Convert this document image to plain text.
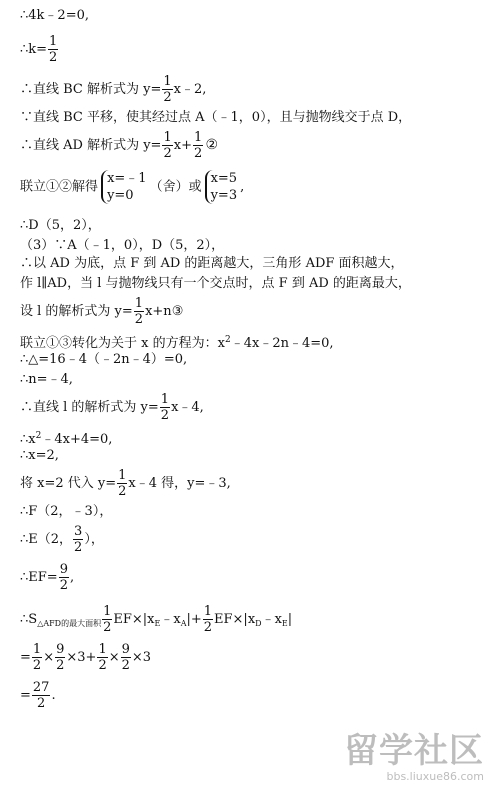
∴4k﹣2=0,
∴k= $\frac{1}{2}$
∴直线 BC 解析式为 $y= \frac{1}{2}$ x﹣2,
∵直线 BC 平移，使其经过点 A（﹣1，0），且与抛物线交于点 D，
∴直线 AD 解析式为 $y= \frac{1}{2} x+ \frac{1}{2}$ ②
联立①②解得
x=﹣1
y=0
（舍）或
x=5
y=3
,
∴D（5，2），
（3）∵A（﹣1，0），D（5，2），
∴以 AD 为底，点 F 到 AD 的距离越大，三角形 ADF 面积越大，
作 l∥AD，当 l 与抛物线只有一个交点时，点 F 到 AD 的距离最大，
设 l 的解析式为 $y= \frac{1}{2}$ x+n③
联立①③转化为关于 x 的方程为：$x^2﹣4x﹣2n﹣4=0$,
∴△=16﹣4（﹣2n﹣4）=0,
∴n=﹣4,
∴直线 l 的解析式为 $y= \frac{1}{2}$ x﹣4,
$\therefore x^2﹣4x+4=0$,
∴x=2,
将 x=2 代入 $y= \frac{1}{2}$ x﹣4 得，y=﹣3,
∴F（2，﹣3），
∴E（2， $\frac{3}{2}$ ），
∴EF= $\frac{9}{2}$ ,
$\therefore S_{\triangle AFD的最大面积} \frac{1}{2}$ $EF\times|x_E﹣x_A|+ \frac{1}{2}$ $EF\times|x_D﹣x_E|$
= $\frac{1}{2} \times \frac{9}{2} \times 3+ \frac{1}{2} \times \frac{9}{2} \times 3$
= $\frac{27}{2}$ .
留学社区
bbs.liuxue86.com
